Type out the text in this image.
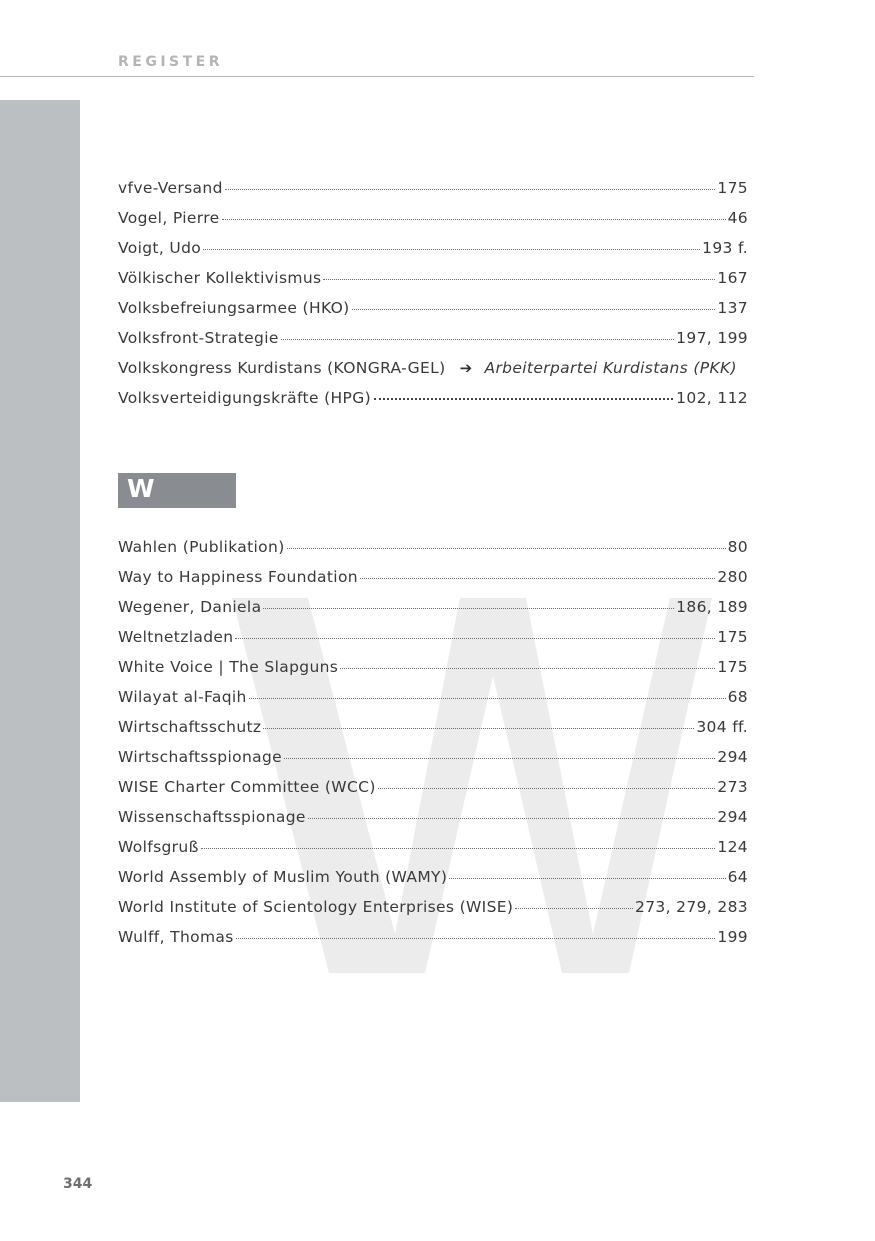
REGISTER
vfve-Versand	175
Vogel, Pierre	46
Voigt, Udo	193 f.
Völkischer Kollektivismus	167
Volksbefreiungsarmee (HKO)	137
Volksfront-Strategie	197, 199
Volkskongress Kurdistans (KONGRA-GEL) ➔ Arbeiterpartei Kurdistans (PKK)
Volksverteidigungskräfte (HPG)	102, 112
W
Wahlen (Publikation)	80
Way to Happiness Foundation	280
Wegener, Daniela	186, 189
Weltnetzladen	175
White Voice | The Slapguns	175
Wilayat al-Faqih	68
Wirtschaftsschutz	304 ff.
Wirtschaftsspionage	294
WISE Charter Committee (WCC)	273
Wissenschaftsspionage	294
Wolfsgruß	124
World Assembly of Muslim Youth (WAMY)	64
World Institute of Scientology Enterprises (WISE)	273, 279, 283
Wulff, Thomas	199
344
